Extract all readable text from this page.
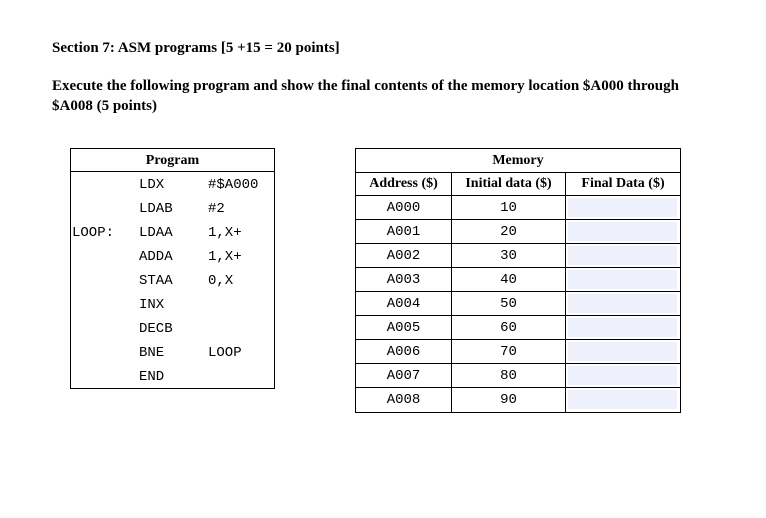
Section 7: ASM programs [5 +15 = 20 points]
Execute the following program and show the final contents of the memory location $A000 through $A008 (5 points)
Program
LDX	#$A000
LDAB	#2
LOOP: LDAA	1,X+
ADDA	1,X+
STAA	0,X
INX
DECB
BNE	LOOP
END
Memory
Address ($)	Initial data ($)	Final Data ($)
A000	10
A001	20
A002	30
A003	40
A004	50
A005	60
A006	70
A007	80
A008	90
